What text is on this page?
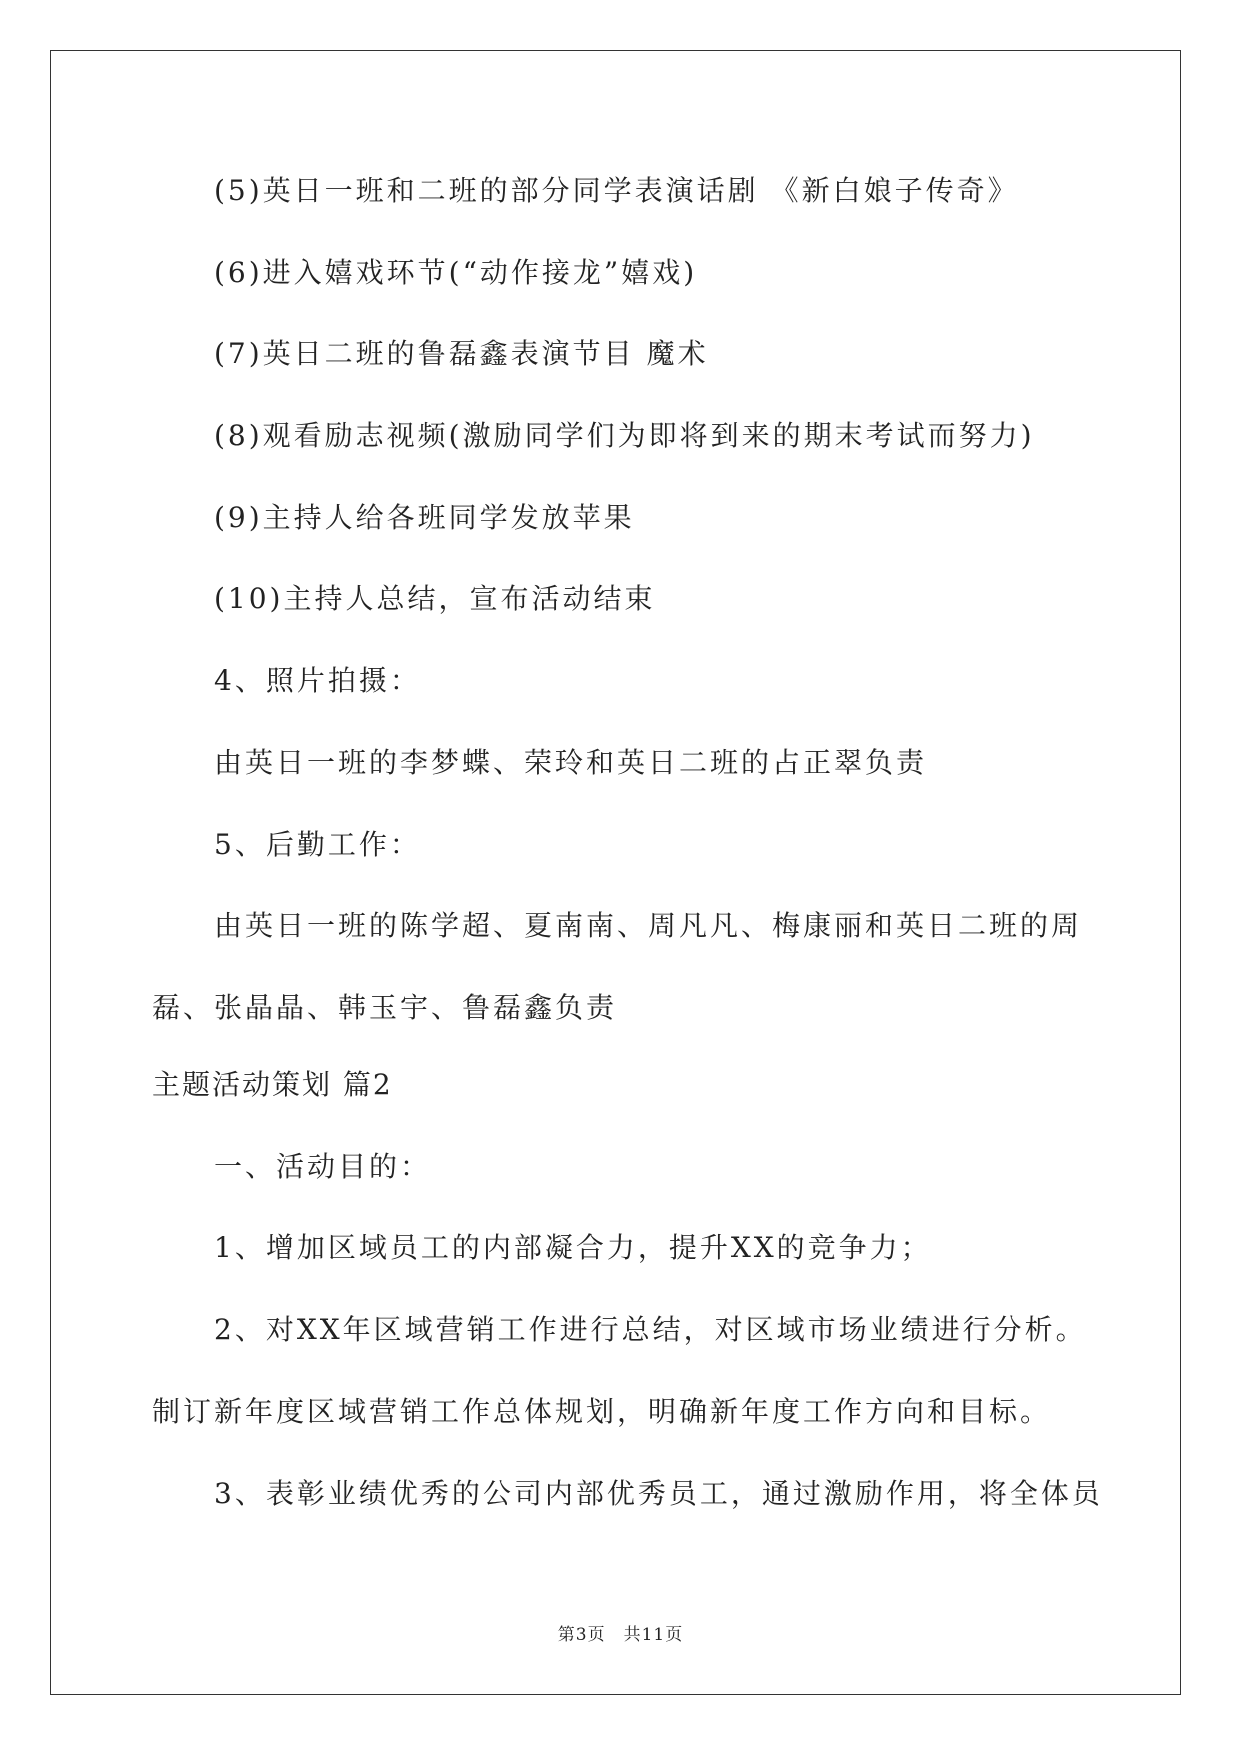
(5)英日一班和二班的部分同学表演话剧 《新白娘子传奇》
(6)进入嬉戏环节(“动作接龙”嬉戏)
(7)英日二班的鲁磊鑫表演节目 魔术
(8)观看励志视频(激励同学们为即将到来的期末考试而努力)
(9)主持人给各班同学发放苹果
(10)主持人总结，宣布活动结束
4、照片拍摄：
由英日一班的李梦蝶、荣玲和英日二班的占正翠负责
5、后勤工作：
由英日一班的陈学超、夏南南、周凡凡、梅康丽和英日二班的周
磊、张晶晶、韩玉宇、鲁磊鑫负责
主题活动策划 篇2
一、活动目的：
1、增加区域员工的内部凝合力，提升XX的竞争力；
2、对XX年区域营销工作进行总结，对区域市场业绩进行分析。
制订新年度区域营销工作总体规划，明确新年度工作方向和目标。
3、表彰业绩优秀的公司内部优秀员工，通过激励作用，将全体员
第3页　共11页
